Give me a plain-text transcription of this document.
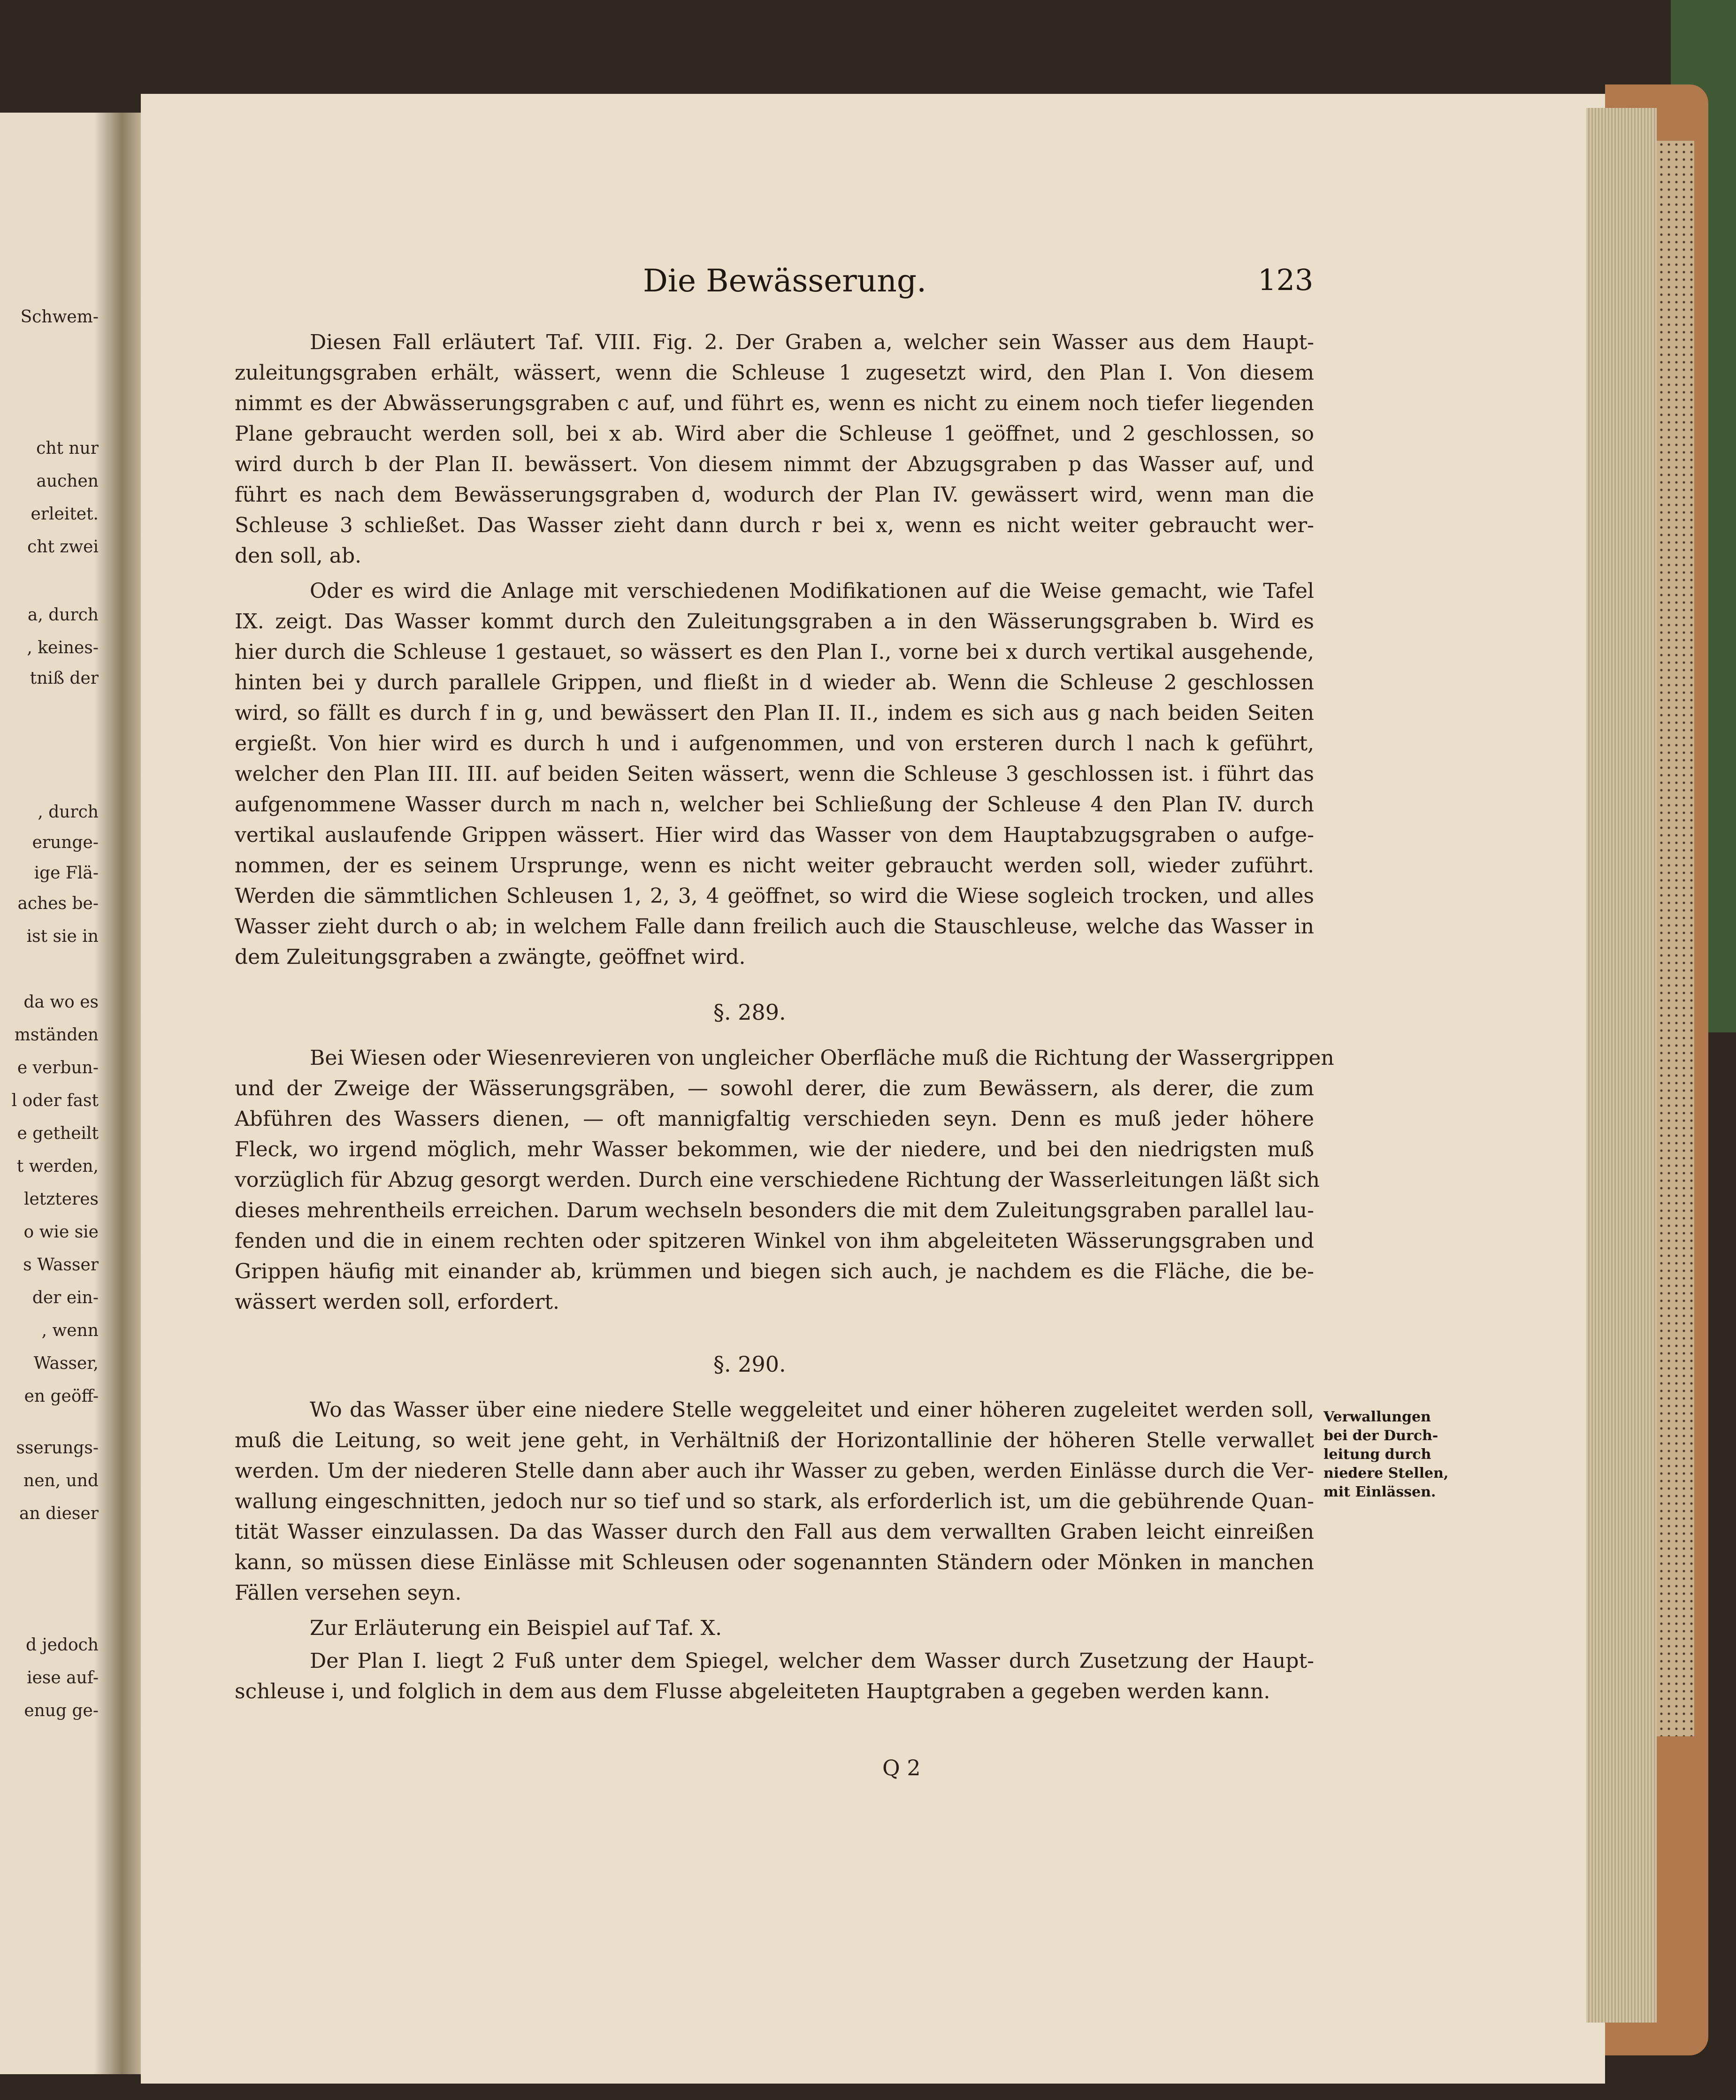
Schwem-
cht nur
auchen
erleitet.
cht zwei
a, durch
, keines-
tniß der
, durch
erunge-
ige Flä-
aches be-
ist sie in
da wo es
mständen
e verbun-
l oder fast
e getheilt
t werden,
letzteres
o wie sie
s Wasser
der ein-
, wenn
Wasser,
en geöff-
sserungs-
nen, und
an dieser
d jedoch
iese auf-
enug ge-
Die Bewässerung.	123
Diesen Fall erläutert Taf. VIII. Fig. 2. Der Graben a, welcher sein Wasser aus dem Haupt-
zuleitungsgraben erhält, wässert, wenn die Schleuse 1 zugesetzt wird, den Plan I. Von diesem
nimmt es der Abwässerungsgraben c auf, und führt es, wenn es nicht zu einem noch tiefer liegenden
Plane gebraucht werden soll, bei x ab. Wird aber die Schleuse 1 geöffnet, und 2 geschlossen, so
wird durch b der Plan II. bewässert. Von diesem nimmt der Abzugsgraben p das Wasser auf, und
führt es nach dem Bewässerungsgraben d, wodurch der Plan IV. gewässert wird, wenn man die
Schleuse 3 schließet. Das Wasser zieht dann durch r bei x, wenn es nicht weiter gebraucht wer-
den soll, ab.
Oder es wird die Anlage mit verschiedenen Modifikationen auf die Weise gemacht, wie Tafel
IX. zeigt. Das Wasser kommt durch den Zuleitungsgraben a in den Wässerungsgraben b. Wird es
hier durch die Schleuse 1 gestauet, so wässert es den Plan I., vorne bei x durch vertikal ausgehende,
hinten bei y durch parallele Grippen, und fließt in d wieder ab. Wenn die Schleuse 2 geschlossen
wird, so fällt es durch f in g, und bewässert den Plan II. II., indem es sich aus g nach beiden Seiten
ergießt. Von hier wird es durch h und i aufgenommen, und von ersteren durch l nach k geführt,
welcher den Plan III. III. auf beiden Seiten wässert, wenn die Schleuse 3 geschlossen ist. i führt das
aufgenommene Wasser durch m nach n, welcher bei Schließung der Schleuse 4 den Plan IV. durch
vertikal auslaufende Grippen wässert. Hier wird das Wasser von dem Hauptabzugsgraben o aufge-
nommen, der es seinem Ursprunge, wenn es nicht weiter gebraucht werden soll, wieder zuführt.
Werden die sämmtlichen Schleusen 1, 2, 3, 4 geöffnet, so wird die Wiese sogleich trocken, und alles
Wasser zieht durch o ab; in welchem Falle dann freilich auch die Stauschleuse, welche das Wasser in
dem Zuleitungsgraben a zwängte, geöffnet wird.
§. 289.
Bei Wiesen oder Wiesenrevieren von ungleicher Oberfläche muß die Richtung der Wassergrippen
und der Zweige der Wässerungsgräben, — sowohl derer, die zum Bewässern, als derer, die zum
Abführen des Wassers dienen, — oft mannigfaltig verschieden seyn. Denn es muß jeder höhere
Fleck, wo irgend möglich, mehr Wasser bekommen, wie der niedere, und bei den niedrigsten muß
vorzüglich für Abzug gesorgt werden. Durch eine verschiedene Richtung der Wasserleitungen läßt sich
dieses mehrentheils erreichen. Darum wechseln besonders die mit dem Zuleitungsgraben parallel lau-
fenden und die in einem rechten oder spitzeren Winkel von ihm abgeleiteten Wässerungsgraben und
Grippen häufig mit einander ab, krümmen und biegen sich auch, je nachdem es die Fläche, die be-
wässert werden soll, erfordert.
§. 290.
Wo das Wasser über eine niedere Stelle weggeleitet und einer höheren zugeleitet werden soll,
muß die Leitung, so weit jene geht, in Verhältniß der Horizontallinie der höheren Stelle verwallet
werden. Um der niederen Stelle dann aber auch ihr Wasser zu geben, werden Einlässe durch die Ver-
wallung eingeschnitten, jedoch nur so tief und so stark, als erforderlich ist, um die gebührende Quan-
tität Wasser einzulassen. Da das Wasser durch den Fall aus dem verwallten Graben leicht einreißen
kann, so müssen diese Einlässe mit Schleusen oder sogenannten Ständern oder Mönken in manchen
Fällen versehen seyn.
Verwallungen
bei der Durch-
leitung durch
niedere Stellen,
mit Einlässen.
Zur Erläuterung ein Beispiel auf Taf. X.
Der Plan I. liegt 2 Fuß unter dem Spiegel, welcher dem Wasser durch Zusetzung der Haupt-
schleuse i, und folglich in dem aus dem Flusse abgeleiteten Hauptgraben a gegeben werden kann.
Q 2
